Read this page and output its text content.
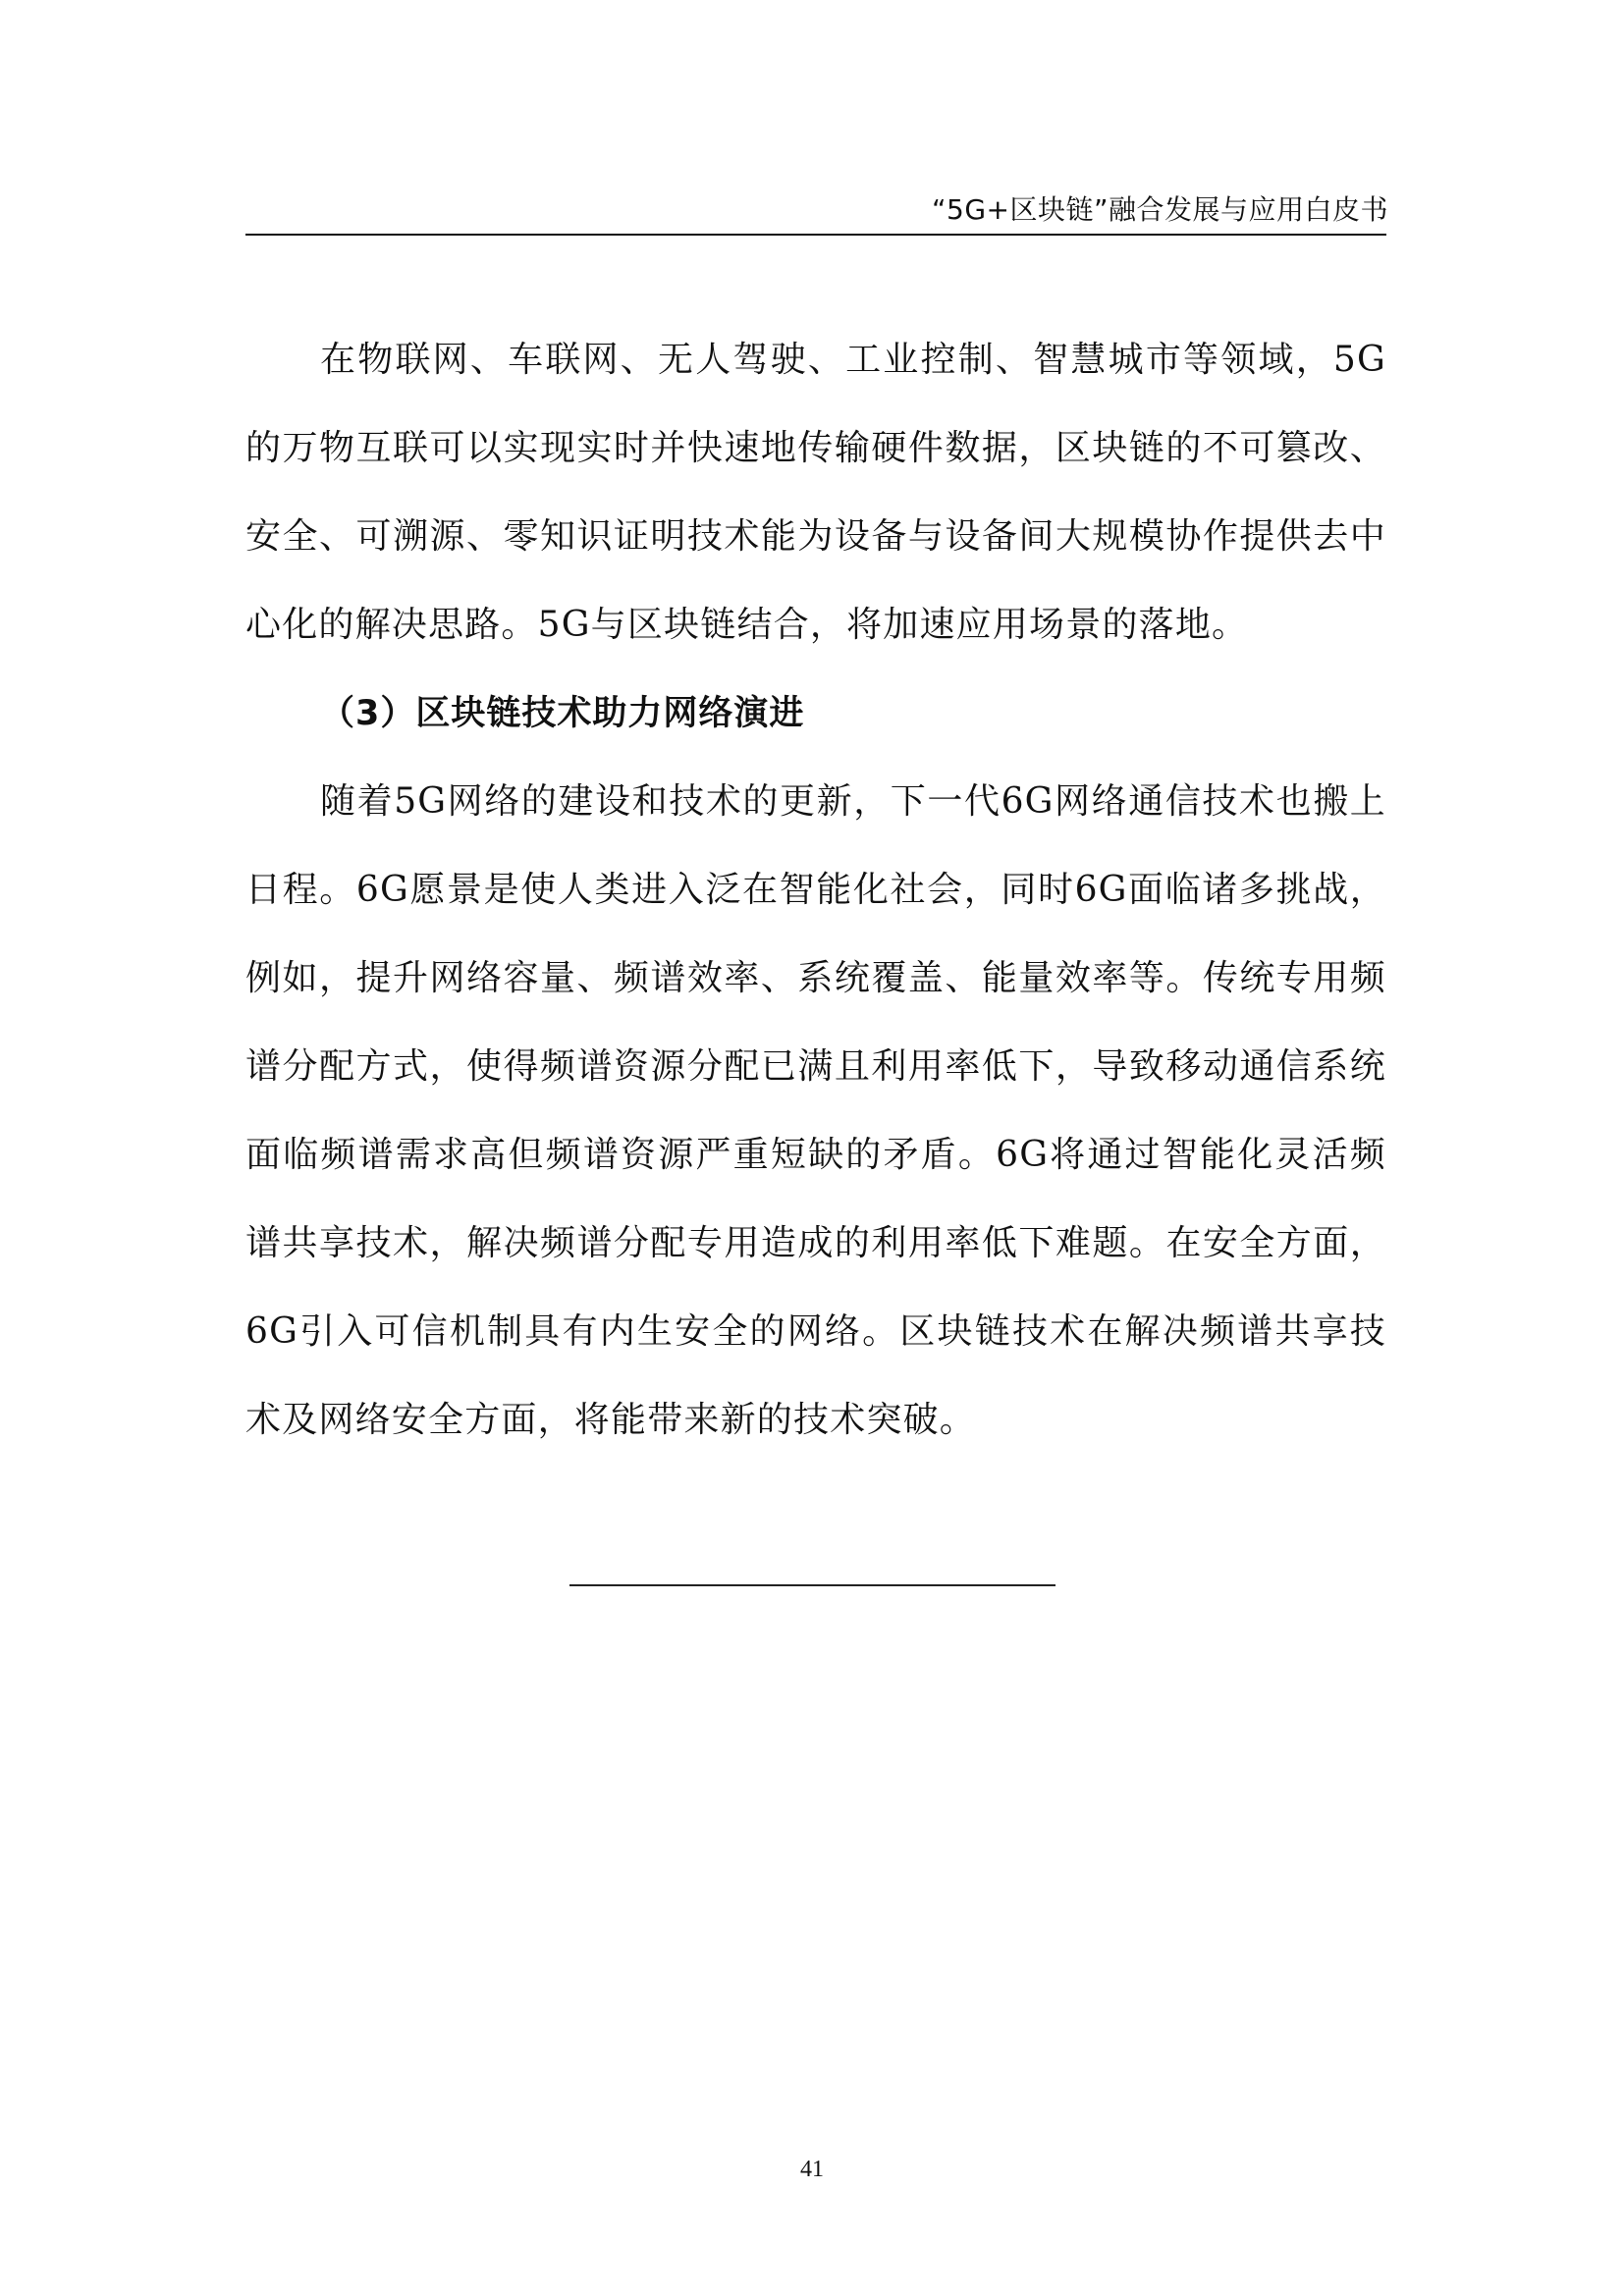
“5G+区块链”融合发展与应用白皮书

在物联网、车联网、无人驾驶、工业控制、智慧城市等领域，5G的万物互联可以实现实时并快速地传输硬件数据，区块链的不可篡改、安全、可溯源、零知识证明技术能为设备与设备间大规模协作提供去中心化的解决思路。5G与区块链结合，将加速应用场景的落地。

（3）区块链技术助力网络演进

随着5G网络的建设和技术的更新，下一代6G网络通信技术也搬上日程。6G愿景是使人类进入泛在智能化社会，同时6G面临诸多挑战，例如，提升网络容量、频谱效率、系统覆盖、能量效率等。传统专用频谱分配方式，使得频谱资源分配已满且利用率低下，导致移动通信系统面临频谱需求高但频谱资源严重短缺的矛盾。6G将通过智能化灵活频谱共享技术，解决频谱分配专用造成的利用率低下难题。在安全方面，6G引入可信机制具有内生安全的网络。区块链技术在解决频谱共享技术及网络安全方面，将能带来新的技术突破。

41
